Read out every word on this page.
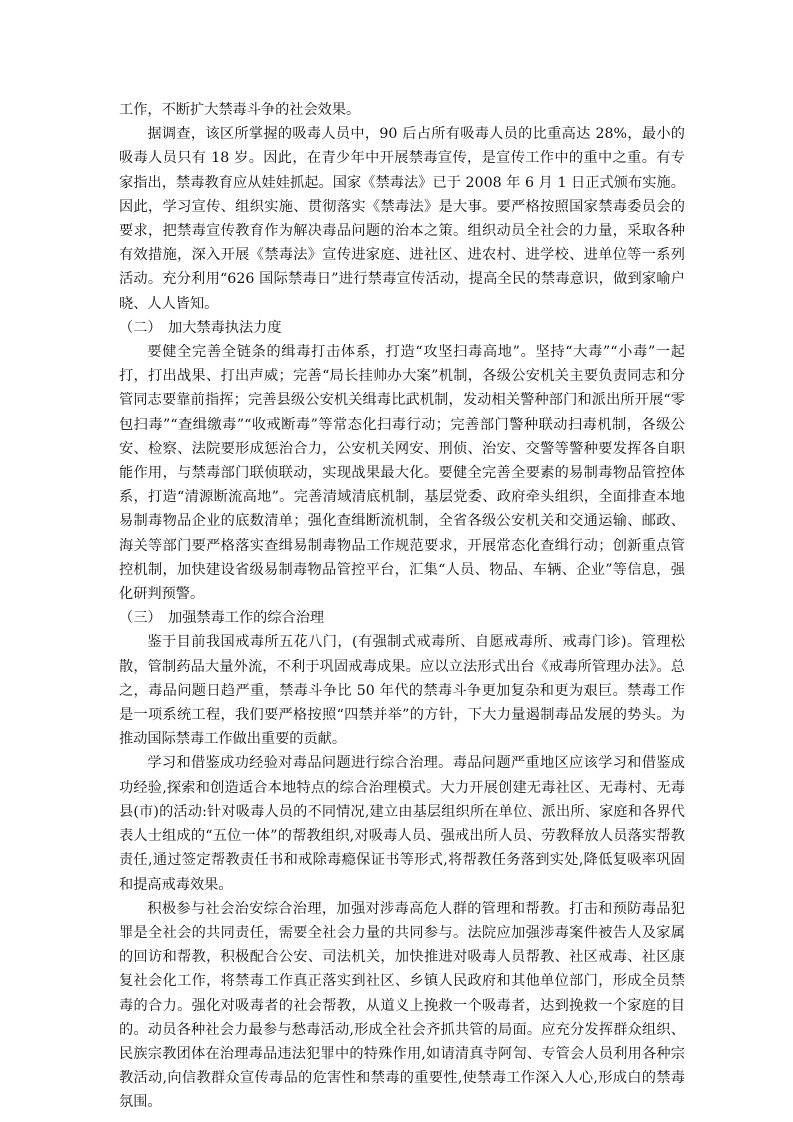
工作，不断扩大禁毒斗争的社会效果。

据调查，该区所掌握的吸毒人员中，90 后占所有吸毒人员的比重高达 28%，最小的吸毒人员只有 18 岁。因此，在青少年中开展禁毒宣传，是宣传工作中的重中之重。有专家指出，禁毒教育应从娃娃抓起。国家《禁毒法》已于 2008 年 6 月 1 日正式颁布实施。因此，学习宣传、组织实施、贯彻落实《禁毒法》是大事。要严格按照国家禁毒委员会的要求，把禁毒宣传教育作为解决毒品问题的治本之策。组织动员全社会的力量，采取各种有效措施，深入开展《禁毒法》宣传进家庭、进社区、进农村、进学校、进单位等一系列活动。充分利用“626 国际禁毒日”进行禁毒宣传活动，提高全民的禁毒意识，做到家喻户晓、人人皆知。

（二） 加大禁毒执法力度

要健全完善全链条的缉毒打击体系，打造“攻坚扫毒高地”。坚持“大毒”“小毒”一起打，打出战果、打出声威；完善“局长挂帅办大案”机制，各级公安机关主要负责同志和分管同志要靠前指挥；完善县级公安机关缉毒比武机制，发动相关警种部门和派出所开展“零包扫毒”“查缉缴毒”“收戒断毒”等常态化扫毒行动；完善部门警种联动扫毒机制，各级公安、检察、法院要形成惩治合力，公安机关网安、刑侦、治安、交警等警种要发挥各自职能作用，与禁毒部门联侦联动，实现战果最大化。要健全完善全要素的易制毒物品管控体系，打造“清源断流高地”。完善清域清底机制，基层党委、政府牵头组织，全面排查本地易制毒物品企业的底数清单；强化查缉断流机制，全省各级公安机关和交通运输、邮政、海关等部门要严格落实查缉易制毒物品工作规范要求，开展常态化查缉行动；创新重点管控机制，加快建设省级易制毒物品管控平台，汇集“人员、物品、车辆、企业”等信息，强化研判预警。

（三） 加强禁毒工作的综合治理

鉴于目前我国戒毒所五花八门，(有强制式戒毒所、自愿戒毒所、戒毒门诊)。管理松散，管制药品大量外流，不利于巩固戒毒成果。应以立法形式出台《戒毒所管理办法》。总之，毒品问题日趋严重，禁毒斗争比 50 年代的禁毒斗争更加复杂和更为艰巨。禁毒工作是一项系统工程，我们要严格按照“四禁并举”的方针，下大力量遏制毒品发展的势头。为推动国际禁毒工作做出重要的贡献。

学习和借鉴成功经验对毒品问题进行综合治理。毒品问题严重地区应该学习和借鉴成功经验,探索和创造适合本地特点的综合治理模式。大力开展创建无毒社区、无毒村、无毒县(市)的活动:针对吸毒人员的不同情况,建立由基层组织所在单位、派出所、家庭和各界代表人士组成的“五位一体”的帮教组织,对吸毒人员、强戒出所人员、劳教释放人员落实帮教责任,通过签定帮教责任书和戒除毒瘾保证书等形式,将帮教任务落到实处,降低复吸率巩固和提高戒毒效果。

积极参与社会治安综合治理，加强对涉毒高危人群的管理和帮教。打击和预防毒品犯罪是全社会的共同责任，需要全社会力量的共同参与。法院应加强涉毒案件被告人及家属的回访和帮教，积极配合公安、司法机关，加快推进对吸毒人员帮教、社区戒毒、社区康复社会化工作，将禁毒工作真正落实到社区、乡镇人民政府和其他单位部门，形成全员禁毒的合力。强化对吸毒者的社会帮教，从道义上挽救一个吸毒者，达到挽救一个家庭的目的。动员各种社会力最参与愁毒活动,形成全社会齐抓共管的局面。应充分发挥群众组织、民族宗教团体在治理毒品违法犯罪中的特殊作用,如请清真寺阿訇、专管会人员利用各种宗教活动,向信教群众宣传毒品的危害性和禁毒的重要性,使禁毒工作深入人心,形成白的禁毒氛围。
